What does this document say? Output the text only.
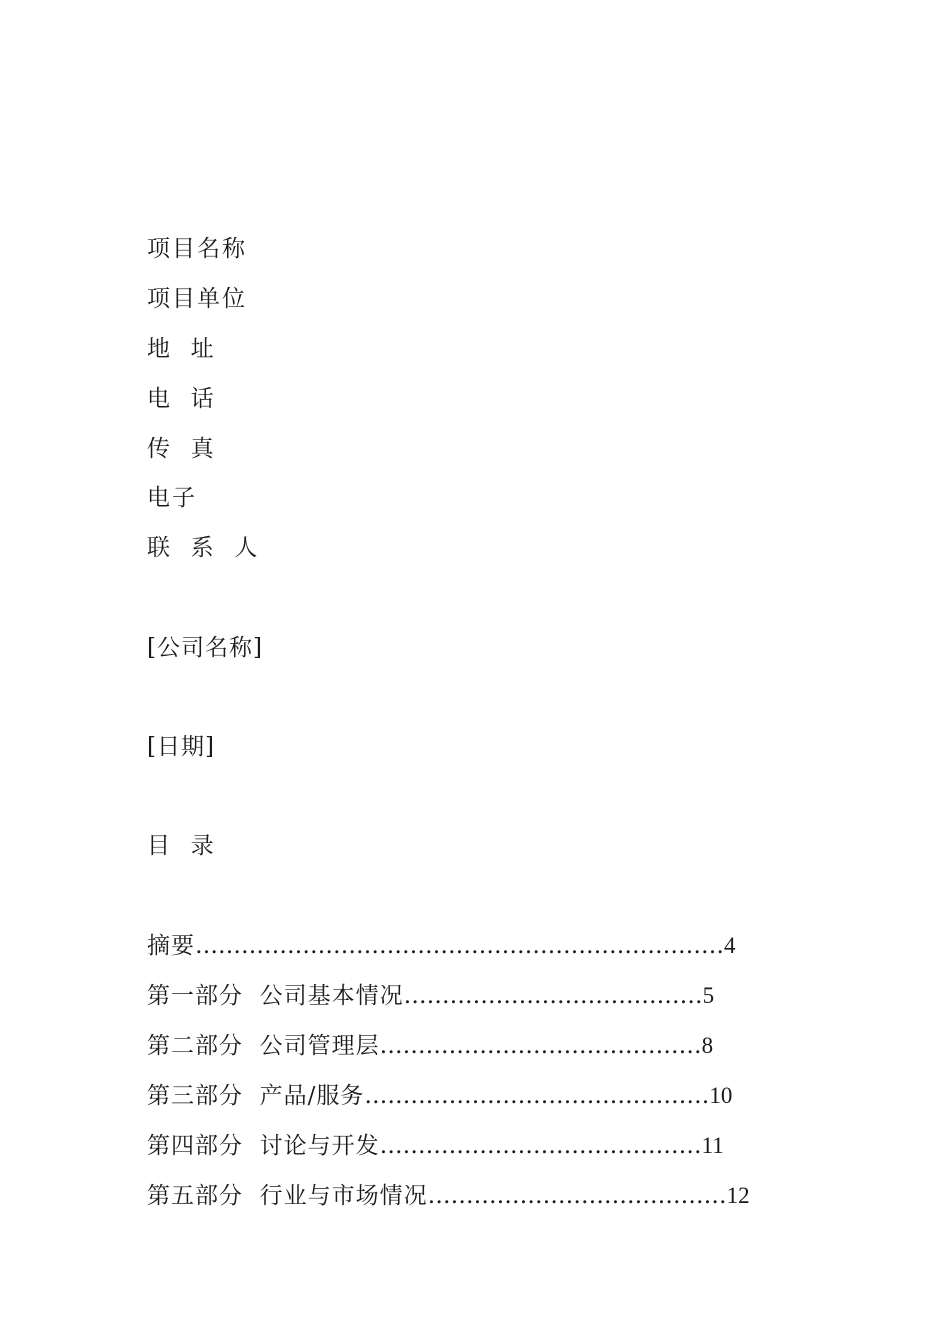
项目名称
项目单位
地  址
电  话
传  真
电子
联  系  人
[公司名称]
[日期]
目  录
摘要……………………………………………………………4
第一部分  公司基本情况…………………………………5
第二部分  公司管理层……………………………………8
第三部分  产品/服务………………………………………10
第四部分  讨论与开发……………………………………11
第五部分  行业与市场情况…………………………………12
